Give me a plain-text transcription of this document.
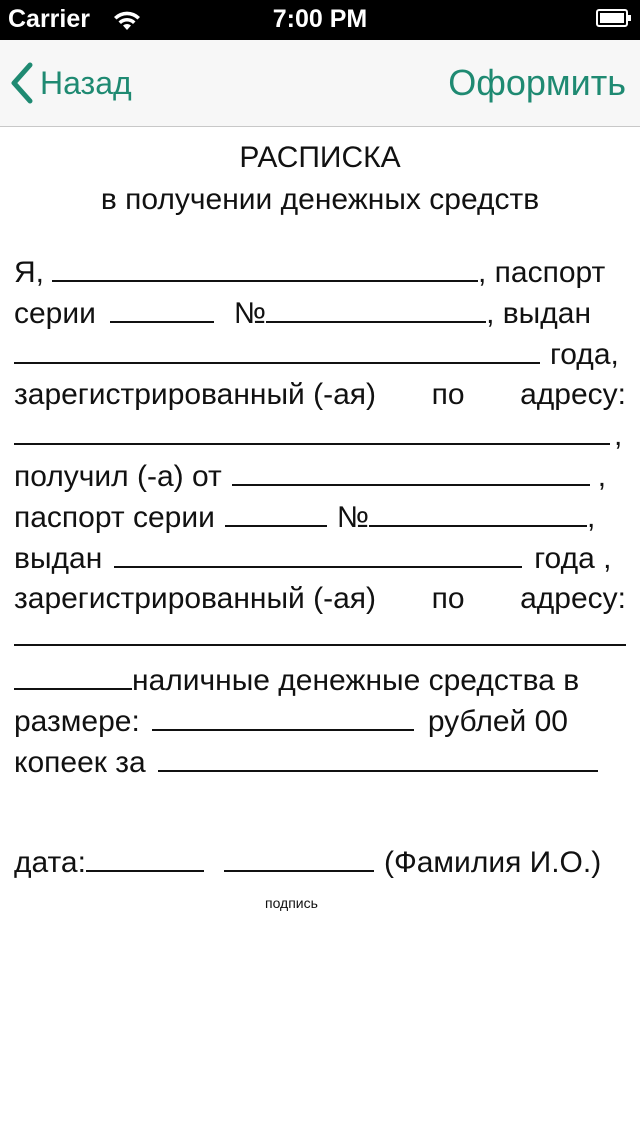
Carrier	7:00 PM
Назад	Оформить
РАСПИСКА
в получении денежных средств
Я,	, паспорт
серии	№	, выдан
года,
зарегистрированный (-ая) по адресу:
,
получил (-а) от	,
паспорт серии	№	,
выдан	года ,
зарегистрированный (-ая) по адресу:
наличные денежные средства в
размере:	рублей 00
копеек за
дата:	(Фамилия И.О.)
подпись
